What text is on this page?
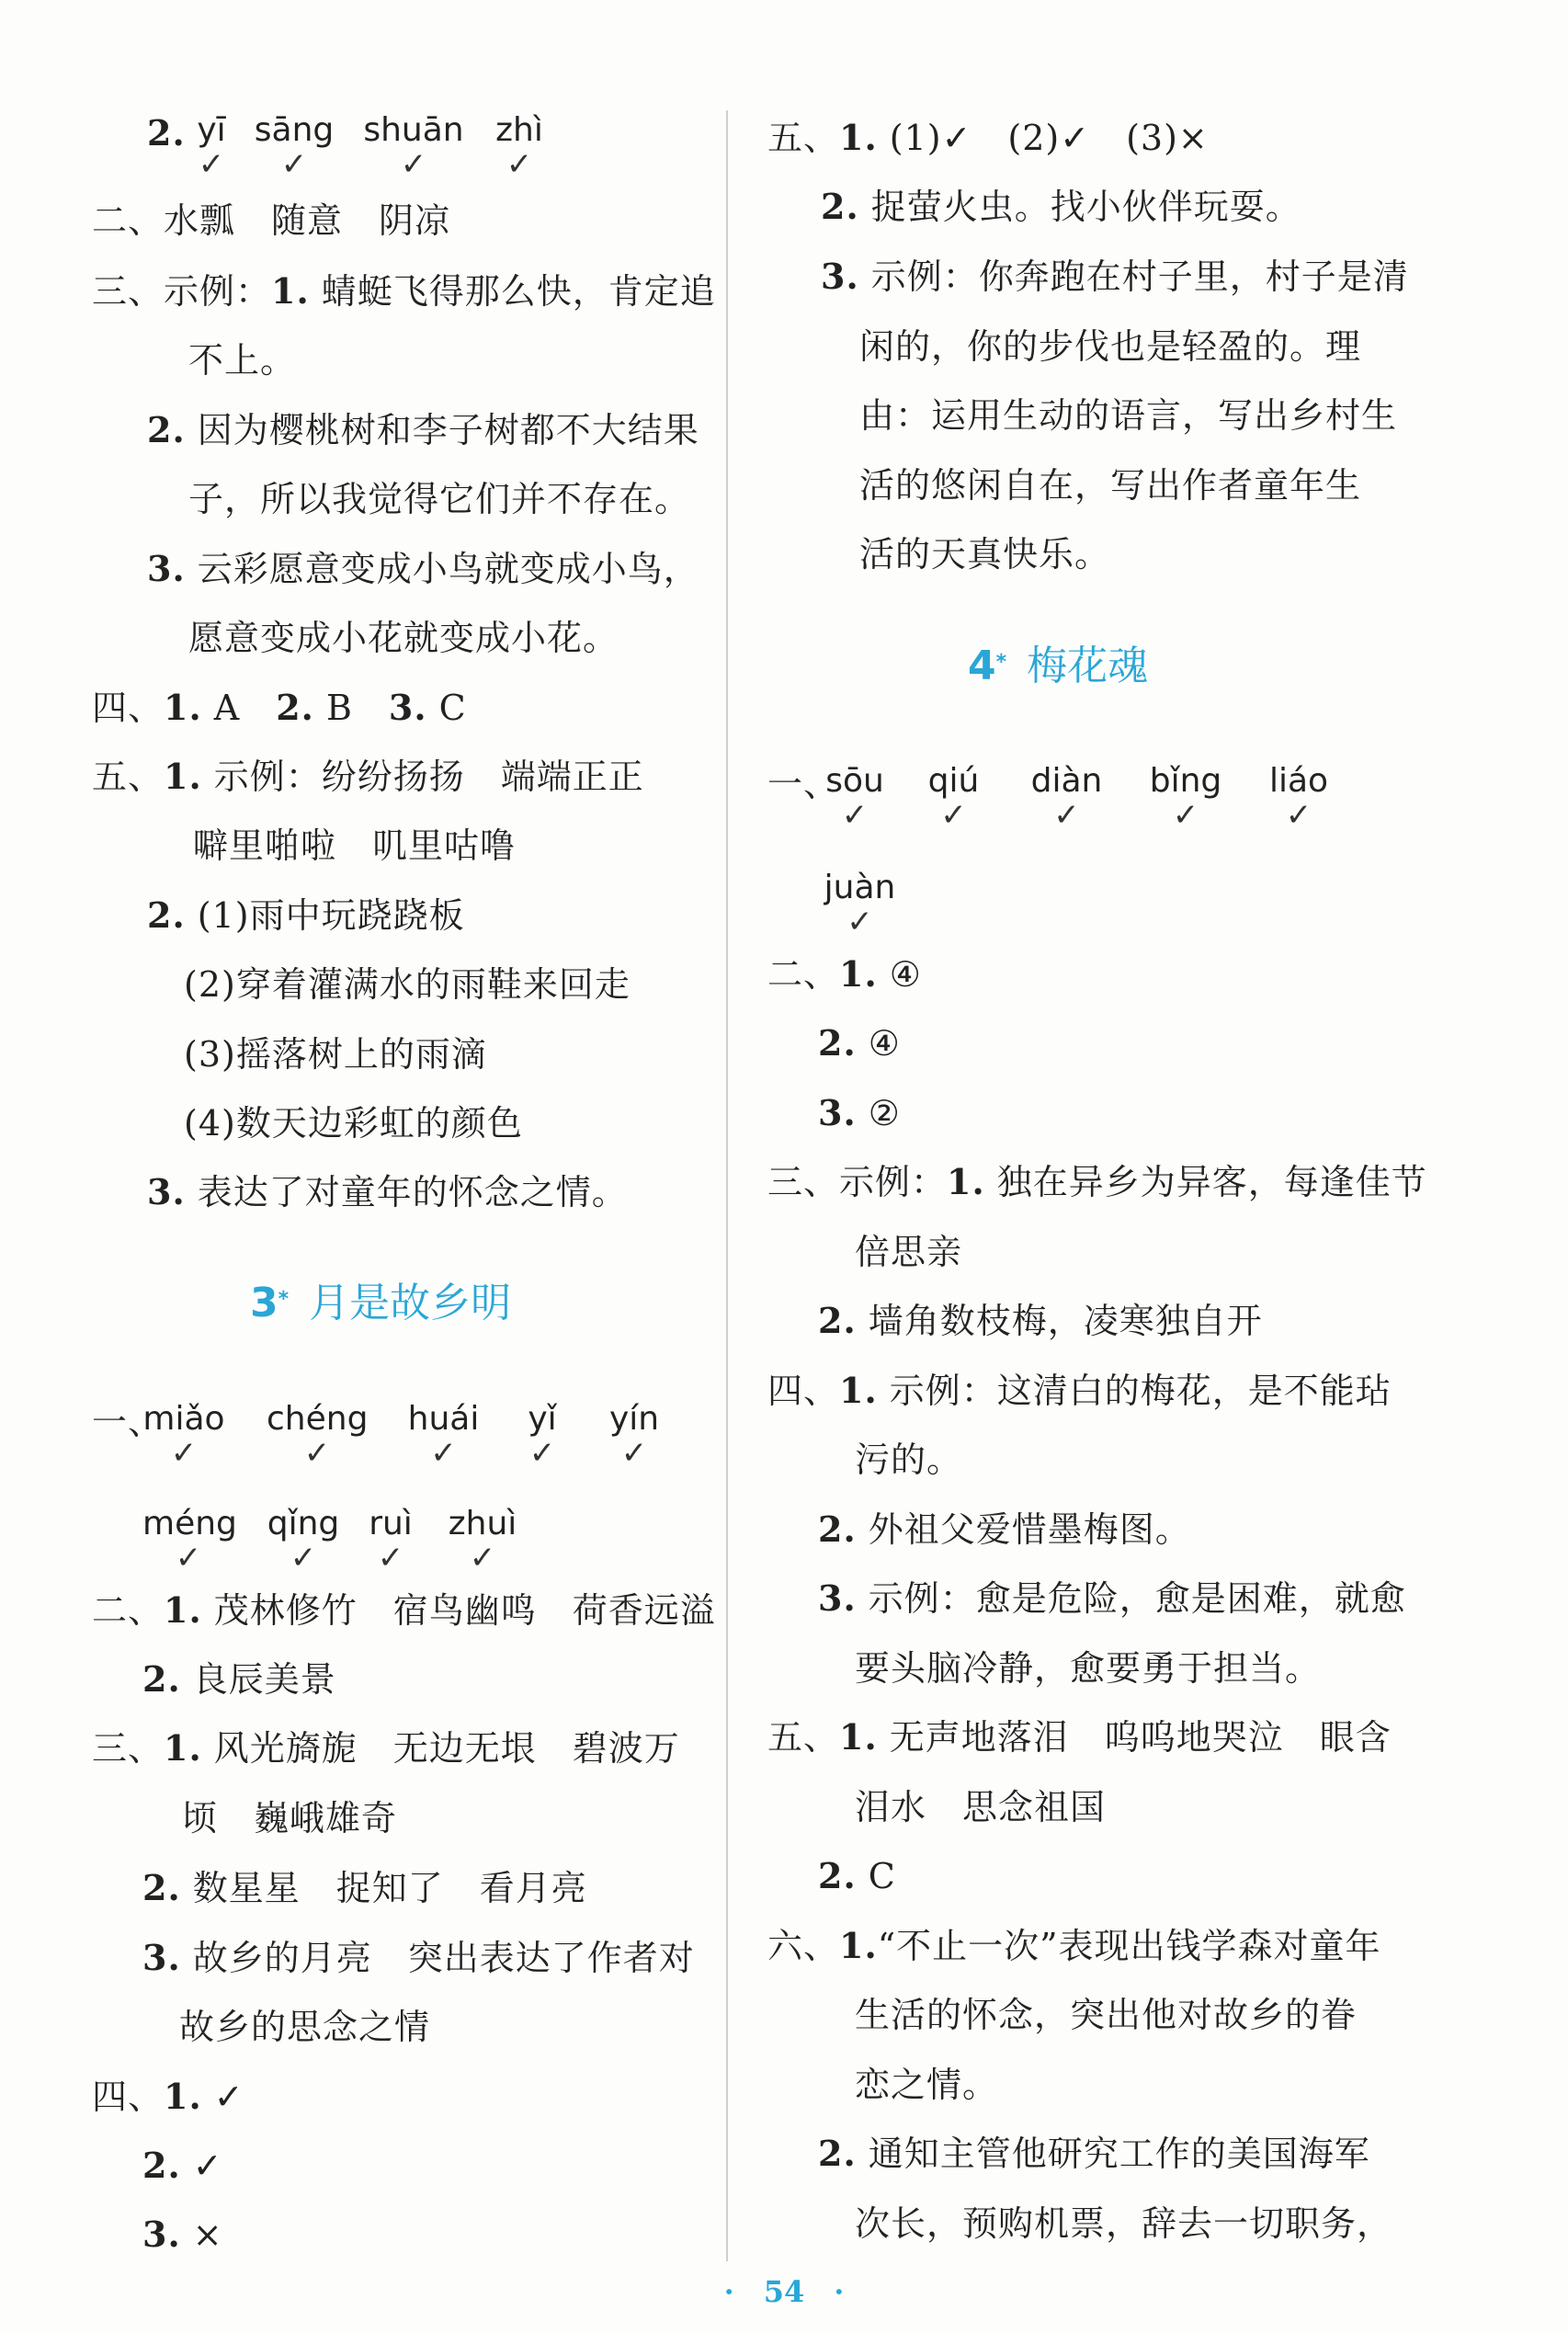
2. yī
✓
sāng
✓
shuān
✓
zhì
✓
二、水瓢　随意　阴凉
三、示例：1. 蜻蜓飞得那么快，肯定追
不上。
2. 因为樱桃树和李子树都不大结果
子，所以我觉得它们并不存在。
3. 云彩愿意变成小鸟就变成小鸟，
愿意变成小花就变成小花。
四、1. A　2. B　3. C
五、1. 示例：纷纷扬扬　端端正正
噼里啪啦　叽里咕噜
2. (1)雨中玩跷跷板
(2)穿着灌满水的雨鞋来回走
(3)摇落树上的雨滴
(4)数天边彩虹的颜色
3. 表达了对童年的怀念之情。
3* 月是故乡明
一、
miǎo
✓
chéng
✓
huái
✓
yǐ
✓
yín
✓
méng
✓
qǐng
✓
ruì
✓
zhuì
✓
二、1. 茂林修竹　宿鸟幽鸣　荷香远溢
2. 良辰美景
三、1. 风光旖旎　无边无垠　碧波万
顷　巍峨雄奇
2. 数星星　捉知了　看月亮
3. 故乡的月亮　突出表达了作者对
故乡的思念之情
四、1. ✓
2. ✓
3. ×
五、1. (1)✓　(2)✓　(3)×
2. 捉萤火虫。找小伙伴玩耍。
3. 示例：你奔跑在村子里，村子是清
闲的，你的步伐也是轻盈的。理
由：运用生动的语言，写出乡村生
活的悠闲自在，写出作者童年生
活的天真快乐。
4* 梅花魂
一、
sōu
✓
qiú
✓
diàn
✓
bǐng
✓
liáo
✓
juàn
✓
二、1. ④
2. ④
3. ②
三、示例：1. 独在异乡为异客，每逢佳节
倍思亲
2. 墙角数枝梅，凌寒独自开
四、1. 示例：这清白的梅花，是不能玷
污的。
2. 外祖父爱惜墨梅图。
3. 示例：愈是危险，愈是困难，就愈
要头脑冷静，愈要勇于担当。
五、1. 无声地落泪　呜呜地哭泣　眼含
泪水　思念祖国
2. C
六、1.“不止一次”表现出钱学森对童年
生活的怀念，突出他对故乡的眷
恋之情。
2. 通知主管他研究工作的美国海军
次长，预购机票，辞去一切职务，
·　54　·
